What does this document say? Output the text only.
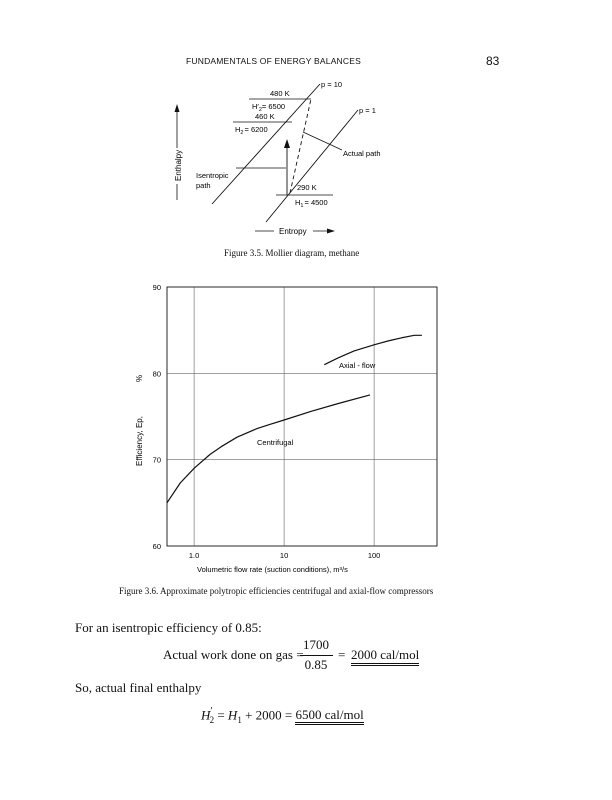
FUNDAMENTALS OF ENERGY BALANCES	83
Enthalpy
Entropy
p = 10
p = 1
480 K
$H'_2= 6500$
460 K
$H_2= 6200$
290 K
$H_1= 4500$
Isentropic
path
Actual path
Figure 3.5. Mollier diagram, methane
Efficiency, Ep,
%
Volumetric flow rate (suction conditions), m³/s
Centrifugal
Axial - flow
90
80
70
60
1.0	10	100
Figure 3.6. Approximate polytropic efficiencies centrifugal and axial-flow compressors
For an isentropic efficiency of 0.85:
Actual work done on gas =
1700
0.85
= 2000 cal/mol
So, actual final enthalpy
$H'_2 = H_1 + 2000 = 6500$ cal/mol
